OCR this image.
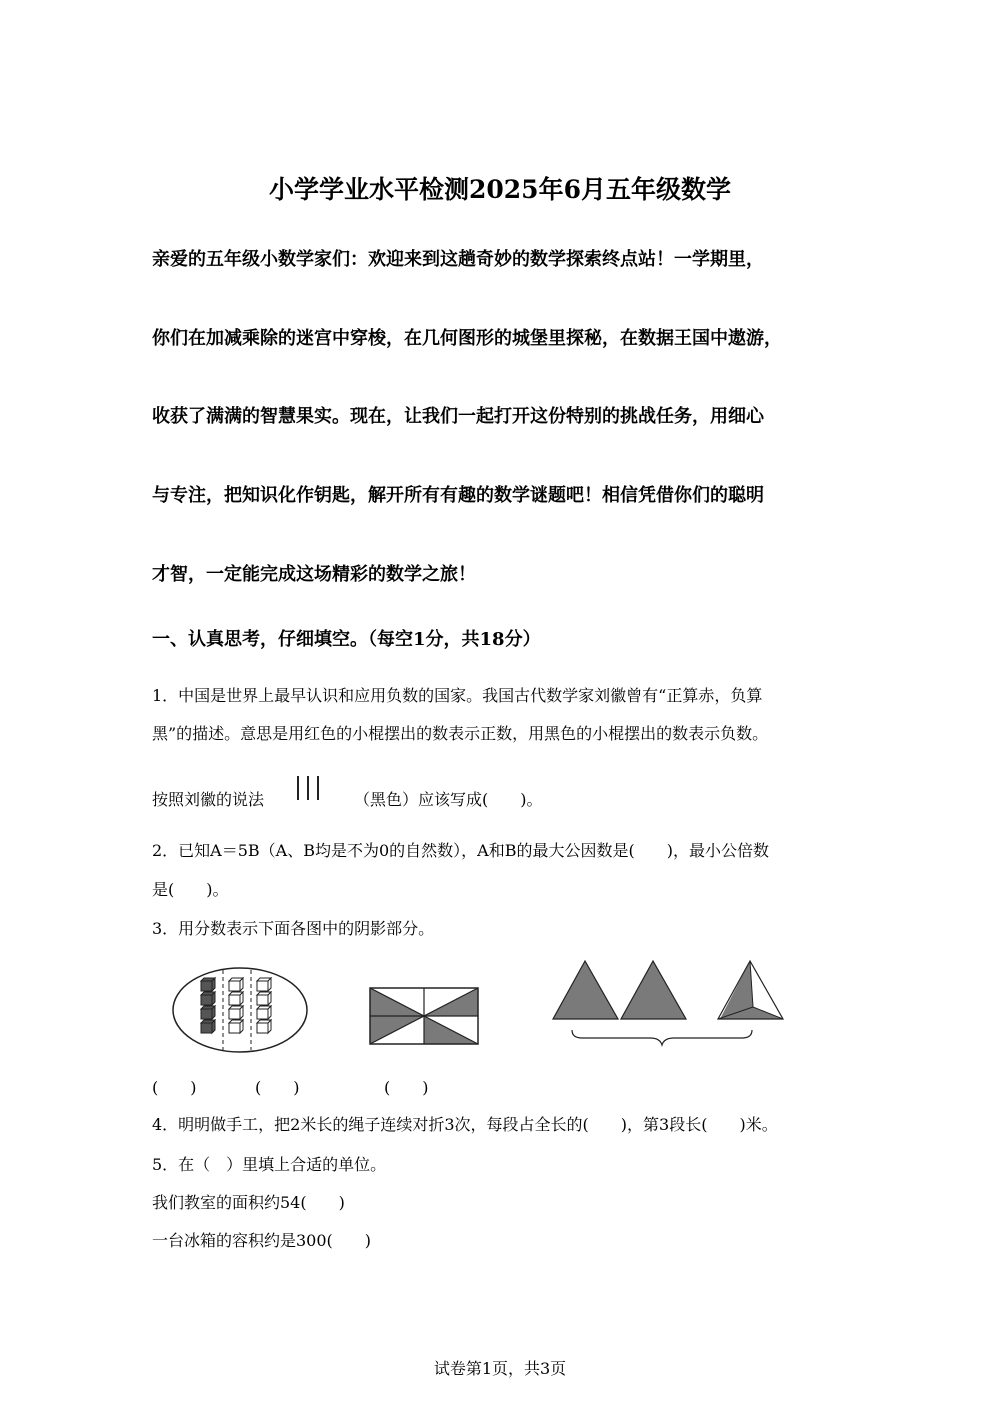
小学学业水平检测2025年6月五年级数学
亲爱的五年级小数学家们：欢迎来到这趟奇妙的数学探索终点站！一学期里，
你们在加减乘除的迷宫中穿梭，在几何图形的城堡里探秘，在数据王国中遨游，
收获了满满的智慧果实。现在，让我们一起打开这份特别的挑战任务，用细心
与专注，把知识化作钥匙，解开所有有趣的数学谜题吧！相信凭借你们的聪明
才智，一定能完成这场精彩的数学之旅！
一、认真思考，仔细填空。（每空1分，共18分）
1．中国是世界上最早认识和应用负数的国家。我国古代数学家刘徽曾有“正算赤，负算
黑”的描述。意思是用红色的小棍摆出的数表示正数，用黑色的小棍摆出的数表示负数。
按照刘徽的说法	（黑色）应该写成(　　)。
2．已知A＝5B（A、B均是不为0的自然数），A和B的最大公因数是(　　)，最小公倍数
是(　　)。
3．用分数表示下面各图中的阴影部分。
(　　)	(　　)	(　　)
4．明明做手工，把2米长的绳子连续对折3次，每段占全长的(　　)，第3段长(　　)米。
5．在（　）里填上合适的单位。
我们教室的面积约54(　　)
一台冰箱的容积约是300(　　)
试卷第1页，共3页
